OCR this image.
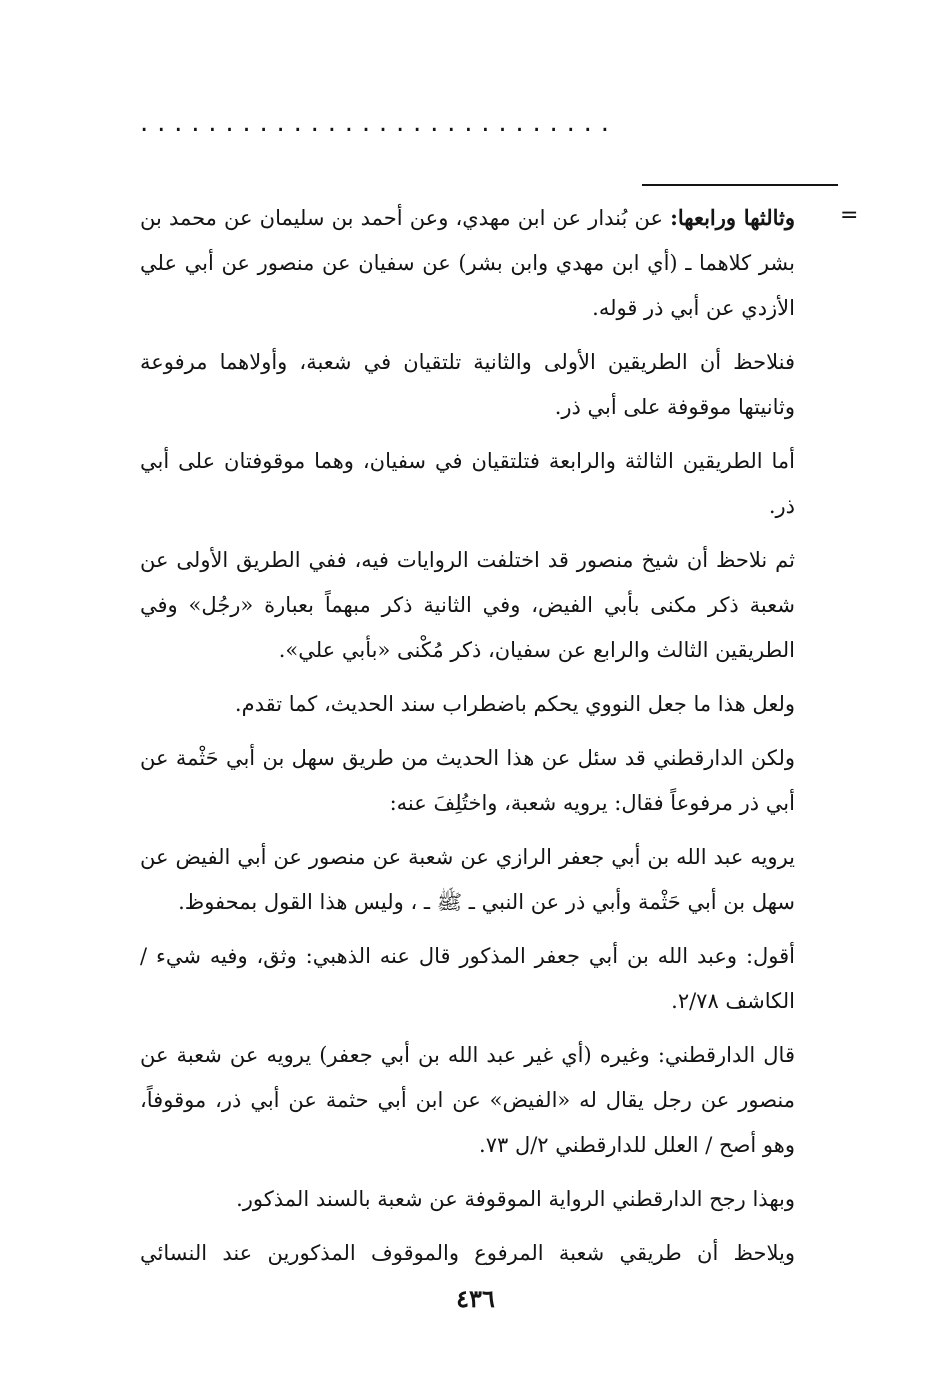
............................
=

وثالثها ورابعها: عن بُندار عن ابن مهدي، وعن أحمد بن سليمان عن محمد بن بشر كلاهما ـ (أي ابن مهدي وابن بشر) عن سفيان عن منصور عن أبي علي الأزدي عن أبي ذر قوله.

فنلاحظ أن الطريقين الأولى والثانية تلتقيان في شعبة، وأولاهما مرفوعة وثانيتها موقوفة على أبي ذر.

أما الطريقين الثالثة والرابعة فتلتقيان في سفيان، وهما موقوفتان على أبي ذر.

ثم نلاحظ أن شيخ منصور قد اختلفت الروايات فيه، ففي الطريق الأولى عن شعبة ذكر مكنى بأبي الفيض، وفي الثانية ذكر مبهماً بعبارة «رجُل» وفي الطريقين الثالث والرابع عن سفيان، ذكر مُكْنى «بأبي علي».

ولعل هذا ما جعل النووي يحكم باضطراب سند الحديث، كما تقدم.

ولكن الدارقطني قد سئل عن هذا الحديث من طريق سهل بن أبي حَثْمة عن أبي ذر مرفوعاً فقال: يرويه شعبة، واختُلِفَ عنه:

يرويه عبد الله بن أبي جعفر الرازي عن شعبة عن منصور عن أبي الفيض عن سهل بن أبي حَثْمة وأبي ذر عن النبي ـ ﷺ ـ ، وليس هذا القول بمحفوظ.

أقول: وعبد الله بن أبي جعفر المذكور قال عنه الذهبي: وثق، وفيه شيء / الكاشف ٢/٧٨.

قال الدارقطني: وغيره (أي غير عبد الله بن أبي جعفر) يرويه عن شعبة عن منصور عن رجل يقال له «الفيض» عن ابن أبي حثمة عن أبي ذر، موقوفاً، وهو أصح / العلل للدارقطني ٢/ل ٧٣.

وبهذا رجح الدارقطني الرواية الموقوفة عن شعبة بالسند المذكور.

ويلاحظ أن طريقي شعبة المرفوع والموقوف المذكورين عند النسائي

٤٣٦
